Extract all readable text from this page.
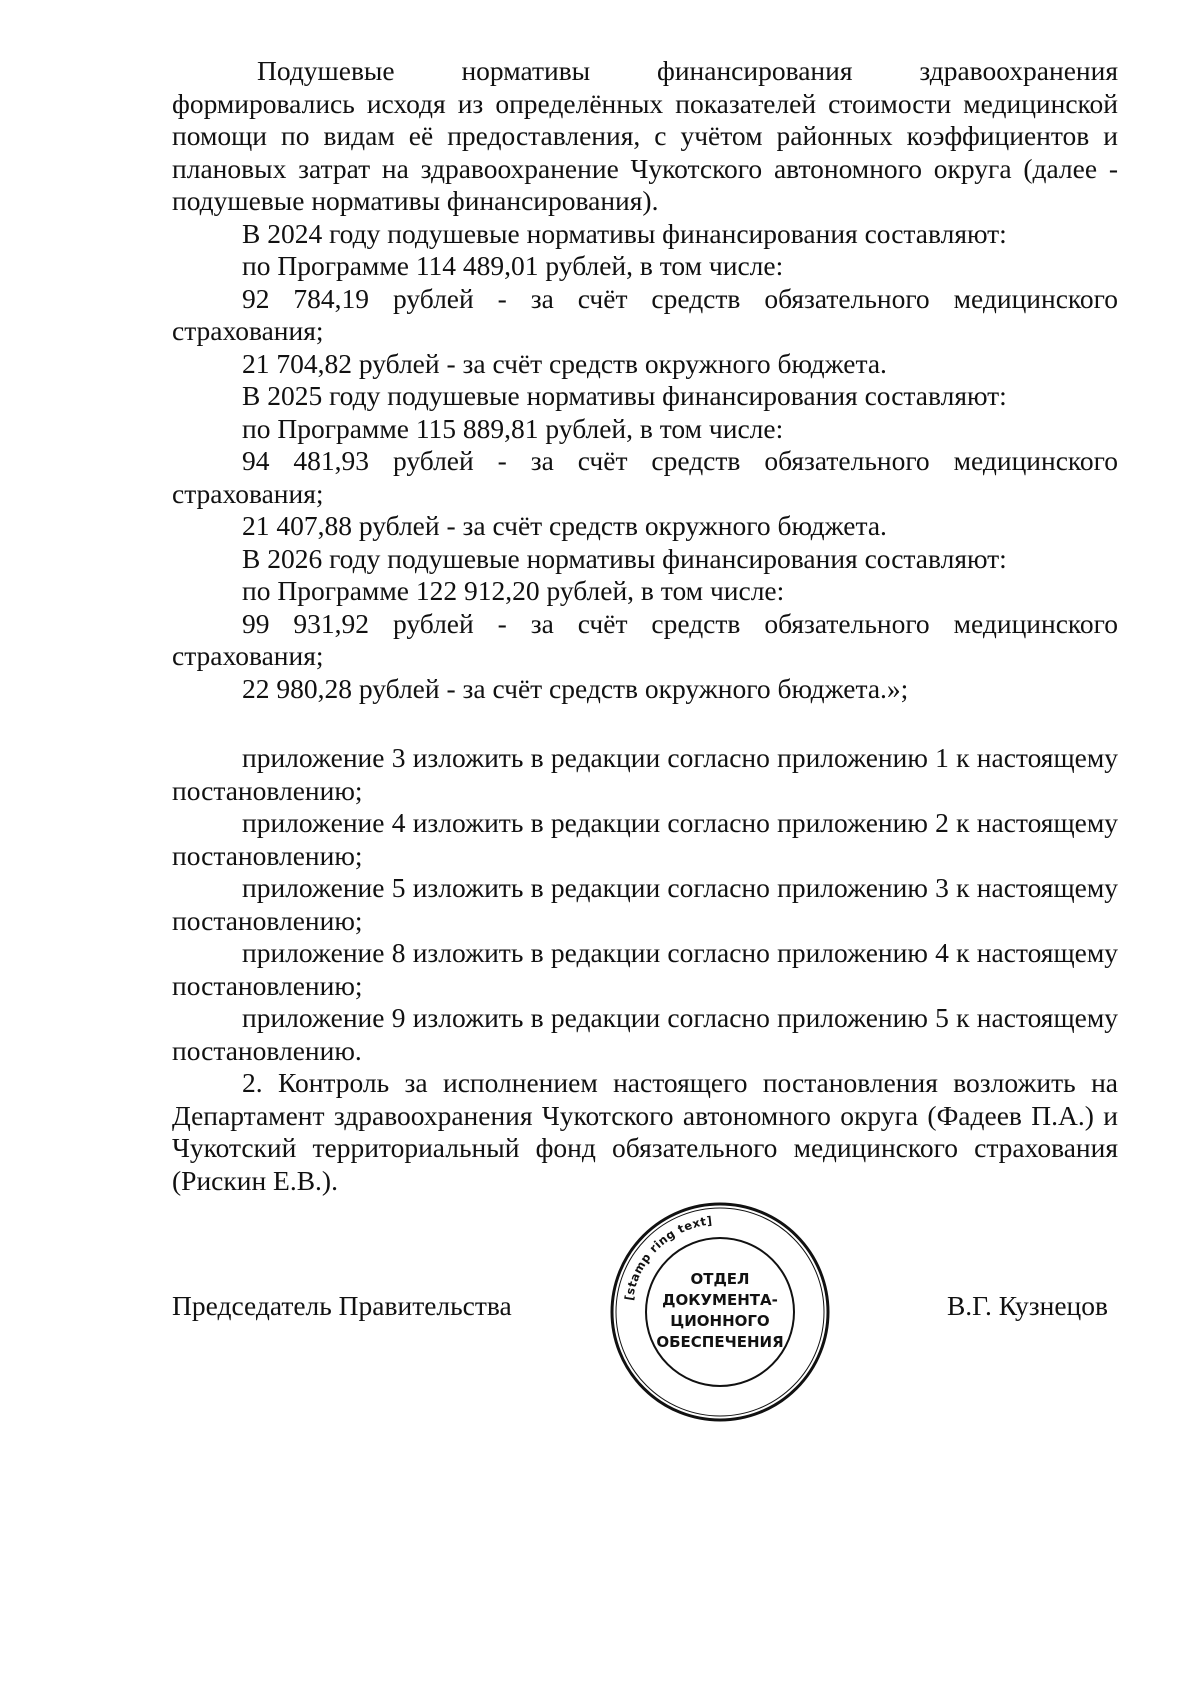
Подушевые нормативы финансирования здравоохранения формировались исходя из определённых показателей стоимости медицинской помощи по видам её предоставления, с учётом районных коэффициентов и плановых затрат на здравоохранение Чукотского автономного округа (далее - подушевые нормативы финансирования).

В 2024 году подушевые нормативы финансирования составляют:

по Программе 114 489,01 рублей, в том числе:

92 784,19 рублей - за счёт средств обязательного медицинского страхования;

21 704,82 рублей - за счёт средств окружного бюджета.

В 2025 году подушевые нормативы финансирования составляют:

по Программе 115 889,81 рублей, в том числе:

94 481,93 рублей - за счёт средств обязательного медицинского страхования;

21 407,88 рублей - за счёт средств окружного бюджета.

В 2026 году подушевые нормативы финансирования составляют:

по Программе 122 912,20 рублей, в том числе:

99 931,92 рублей - за счёт средств обязательного медицинского страхования;

22 980,28 рублей - за счёт средств окружного бюджета.»;

приложение 3 изложить в редакции согласно приложению 1 к настоящему постановлению;

приложение 4 изложить в редакции согласно приложению 2 к настоящему постановлению;

приложение 5 изложить в редакции согласно приложению 3 к настоящему постановлению;

приложение 8 изложить в редакции согласно приложению 4 к настоящему постановлению;

приложение 9 изложить в редакции согласно приложению 5 к настоящему постановлению.

2. Контроль за исполнением настоящего постановления возложить на Департамент здравоохранения Чукотского автономного округа (Фадеев П.А.) и Чукотский территориальный фонд обязательного медицинского страхования (Рискин Е.В.).

Председатель Правительства	В.Г. Кузнецов
[stamp ring text]
ОТДЕЛ
ДОКУМЕНТА-
ЦИОННОГО
ОБЕСПЕЧЕНИЯ
